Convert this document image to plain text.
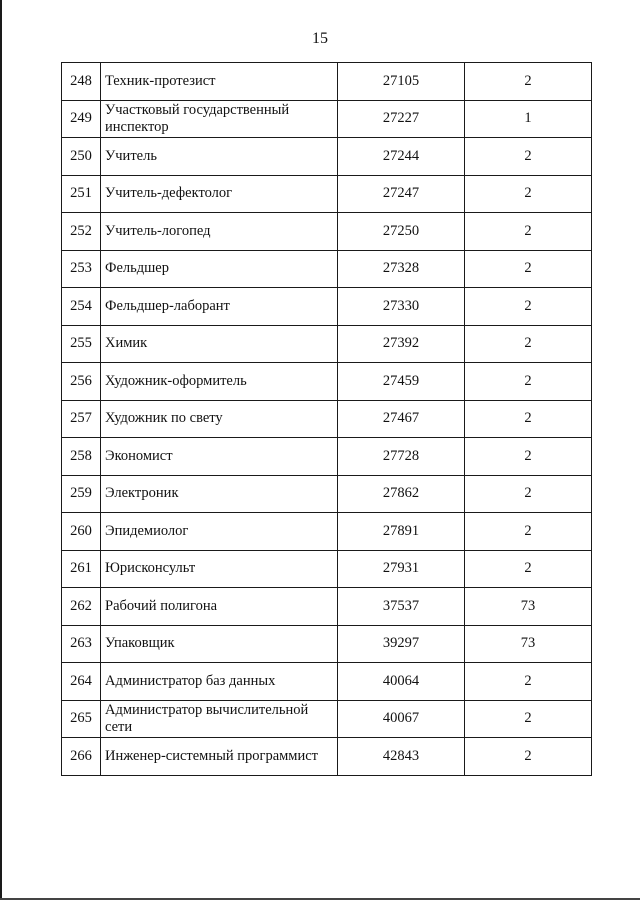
15
248	Техник-протезист	27105	2
249	Участковый государственный инспектор	27227	1
250	Учитель	27244	2
251	Учитель-дефектолог	27247	2
252	Учитель-логопед	27250	2
253	Фельдшер	27328	2
254	Фельдшер-лаборант	27330	2
255	Химик	27392	2
256	Художник-оформитель	27459	2
257	Художник по свету	27467	2
258	Экономист	27728	2
259	Электроник	27862	2
260	Эпидемиолог	27891	2
261	Юрисконсульт	27931	2
262	Рабочий полигона	37537	73
263	Упаковщик	39297	73
264	Администратор баз данных	40064	2
265	Администратор вычислительной сети	40067	2
266	Инженер-системный программист	42843	2
